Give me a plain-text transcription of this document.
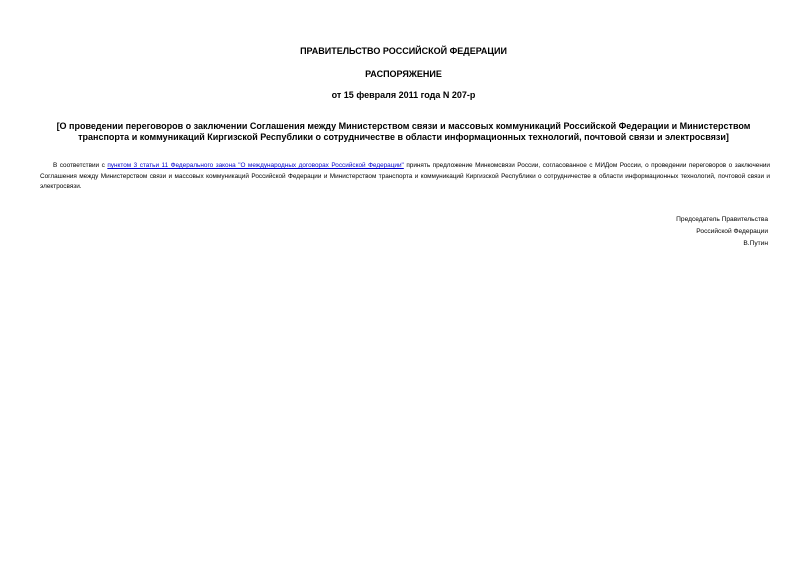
ПРАВИТЕЛЬСТВО РОССИЙСКОЙ ФЕДЕРАЦИИ
РАСПОРЯЖЕНИЕ
от 15 февраля 2011 года N 207-р
[О проведении переговоров о заключении Соглашения между Министерством связи и массовых коммуникаций Российской Федерации и Министерством транспорта и коммуникаций Киргизской Республики о сотрудничестве в области информационных технологий, почтовой связи и электросвязи]
В соответствии с пунктом 3 статьи 11 Федерального закона "О международных договорах Российской Федерации" принять предложение Минкомсвязи России, согласованное с МИДом России, о проведении переговоров о заключении Соглашения между Министерством связи и массовых коммуникаций Российской Федерации и Министерством транспорта и коммуникаций Киргизской Республики о сотрудничестве в области информационных технологий, почтовой связи и электросвязи.
Председатель Правительства
Российской Федерации
В.Путин
